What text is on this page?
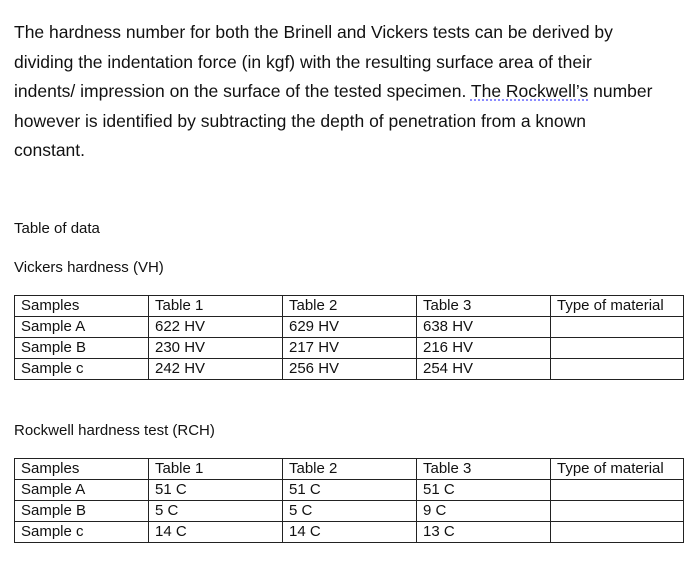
The hardness number for both the Brinell and Vickers tests can be derived by dividing the indentation force (in kgf) with the resulting surface area of their indents/ impression on the surface of the tested specimen. The Rockwell’s number however is identified by subtracting the depth of penetration from a known constant.

Table of data

Vickers hardness (VH)

Samples	Table 1	Table 2	Table 3	Type of material
Sample A	622 HV	629 HV	638 HV	
Sample B	230 HV	217 HV	216 HV	
Sample c	242 HV	256 HV	254 HV	

Rockwell hardness test (RCH)

Samples	Table 1	Table 2	Table 3	Type of material
Sample A	51 C	51 C	51 C	
Sample B	5 C	5 C	9 C	
Sample c	14 C	14 C	13 C	
